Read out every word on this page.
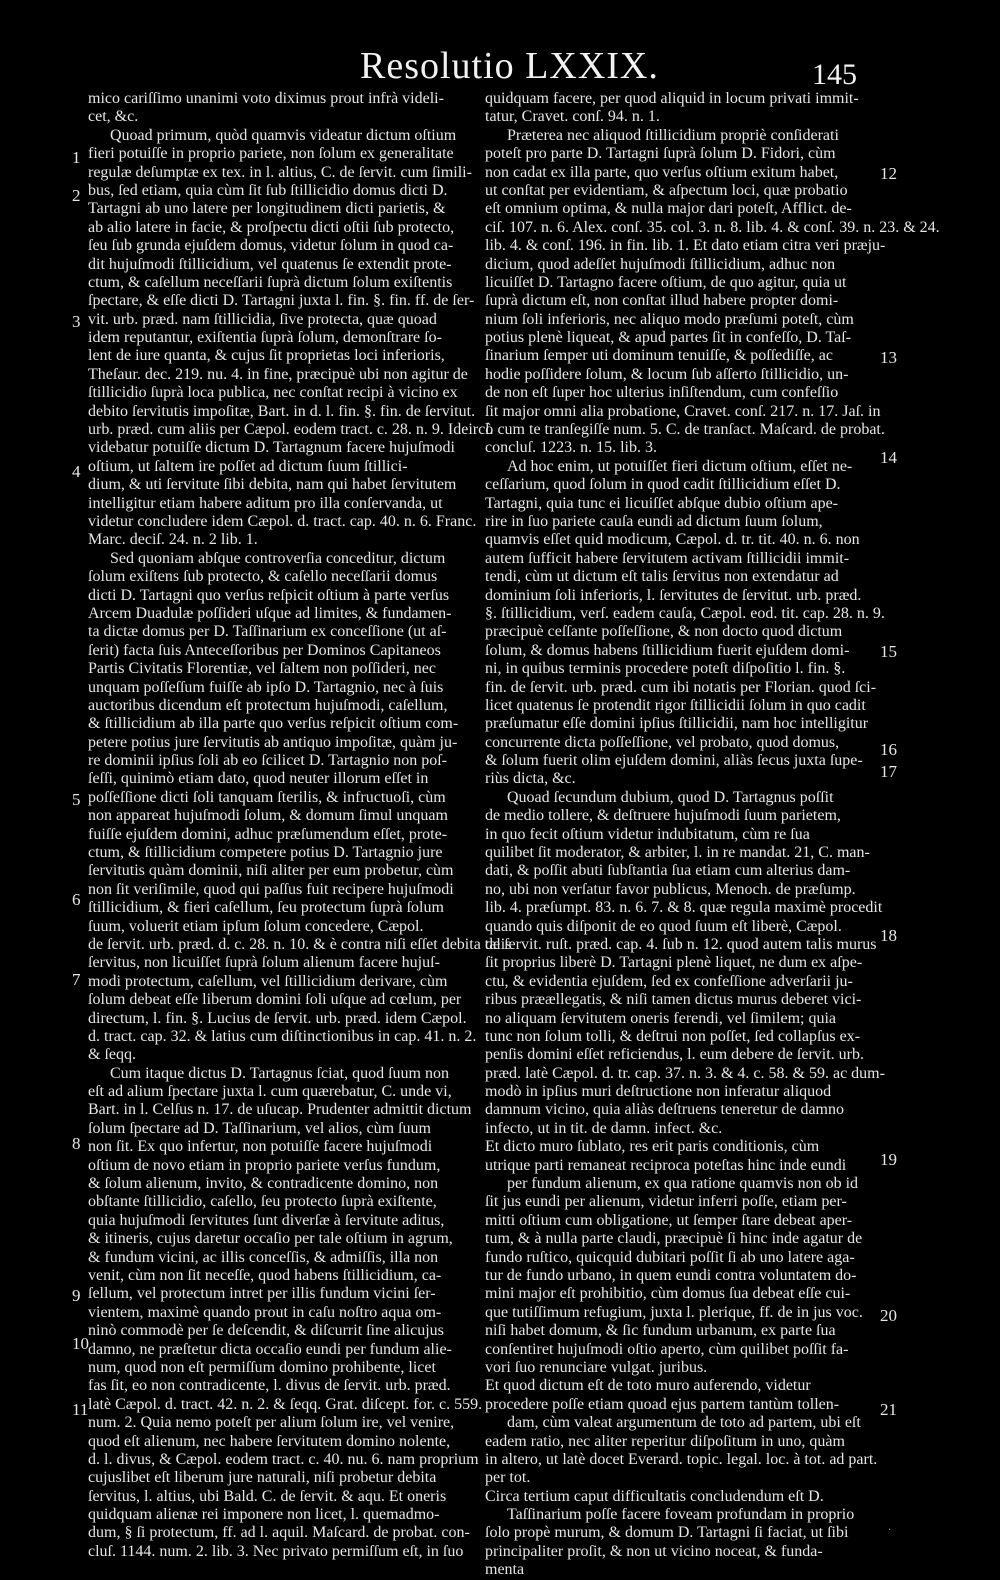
Resolutio LXXIX.	145
mico cariſſimo unanimi voto diximus prout infrà videli-
cet, &c.
Quoad primum, quòd quamvis videatur dictum oſtium
fieri potuiſſe in proprio pariete, non ſolum ex generalitate
regulæ deſumptæ ex tex. in l. altius, C. de ſervit. cum ſimili-
bus, ſed etiam, quia cùm ſit ſub ſtillicidio domus dicti D.
Tartagni ab uno latere per longitudinem dicti parietis, &
ab alio latere in facie, & proſpectu dicti oſtii ſub protecto,
ſeu ſub grunda ejuſdem domus, videtur ſolum in quod ca-
dit hujuſmodi ſtillicidium, vel quatenus ſe extendit prote-
ctum, & caſellum neceſſarii ſuprà dictum ſolum exiſtentis
ſpectare, & eſſe dicti D. Tartagni juxta l. fin. §. fin. ff. de ſer-
vit. urb. præd. nam ſtillicidia, ſive protecta, quæ quoad
idem reputantur, exiſtentia ſuprà ſolum, demonſtrare ſo-
lent de iure quanta, & cujus ſit proprietas loci inferioris,
Theſaur. dec. 219. nu. 4. in fine, præcipuè ubi non agitur de
ſtillicidio ſuprà loca publica, nec conſtat recipi à vicino ex
debito ſervitutis impoſitæ, Bart. in d. l. fin. §. fin. de ſervitut.
urb. præd. cum aliis per Cæpol. eodem tract. c. 28. n. 9. Ideircò
videbatur potuiſſe dictum D. Tartagnum facere hujuſmodi
oſtium, ut ſaltem ire poſſet ad dictum ſuum ſtillici-
dium, & uti ſervitute ſibi debita, nam qui habet ſervitutem
intelligitur etiam habere aditum pro illa conſervanda, ut
videtur concludere idem Cæpol. d. tract. cap. 40. n. 6. Franc.
Marc. deciſ. 24. n. 2 lib. 1.
Sed quoniam abſque controverſia conceditur, dictum
ſolum exiſtens ſub protecto, & caſello neceſſarii domus
dicti D. Tartagni quo verſus reſpicit oſtium à parte verſus
Arcem Duadulæ poſſideri uſque ad limites, & fundamen-
ta dictæ domus per D. Taſſinarium ex conceſſione (ut aſ-
ſerit) facta ſuis Anteceſſoribus per Dominos Capitaneos
Partis Civitatis Florentiæ, vel ſaltem non poſſideri, nec
unquam poſſeſſum fuiſſe ab ipſo D. Tartagnio, nec à ſuis
auctoribus dicendum eſt protectum hujuſmodi, caſellum,
& ſtillicidium ab illa parte quo verſus reſpicit oſtium com-
petere potius jure ſervitutis ab antiquo impoſitæ, quàm ju-
re dominii ipſius ſoli ab eo ſcilicet D. Tartagnio non poſ-
ſeſſi, quinimò etiam dato, quod neuter illorum eſſet in
poſſeſſione dicti ſoli tanquam ſterilis, & infructuoſi, cùm
non appareat hujuſmodi ſolum, & domum ſimul unquam
fuiſſe ejuſdem domini, adhuc præſumendum eſſet, prote-
ctum, & ſtillicidium competere potius D. Tartagnio jure
ſervitutis quàm dominii, niſi aliter per eum probetur, cùm
non ſit veriſimile, quod qui paſſus fuit recipere hujuſmodi
ſtillicidium, & fieri caſellum, ſeu protectum ſuprà ſolum
ſuum, voluerit etiam ipſum ſolum concedere, Cæpol.
de ſervit. urb. præd. d. c. 28. n. 10. & è contra niſi eſſet debita talis
ſervitus, non licuiſſet ſuprà ſolum alienum facere hujuſ-
modi protectum, caſellum, vel ſtillicidium derivare, cùm
ſolum debeat eſſe liberum domini ſoli uſque ad cœlum, per
directum, l. fin. §. Lucius de ſervit. urb. præd. idem Cæpol.
d. tract. cap. 32. & latius cum diſtinctionibus in cap. 41. n. 2.
& ſeqq.
Cum itaque dictus D. Tartagnus ſciat, quod ſuum non
eſt ad alium ſpectare juxta l. cum quærebatur, C. unde vi,
Bart. in l. Celſus n. 17. de uſucap. Prudenter admittit dictum
ſolum ſpectare ad D. Taſſinarium, vel alios, cùm ſuum
non ſit. Ex quo infertur, non potuiſſe facere hujuſmodi
oſtium de novo etiam in proprio pariete verſus fundum,
& ſolum alienum, invito, & contradicente domino, non
obſtante ſtillicidio, caſello, ſeu protecto ſuprà exiſtente,
quia hujuſmodi ſervitutes ſunt diverſæ à ſervitute aditus,
& itineris, cujus daretur occaſio per tale oſtium in agrum,
& fundum vicini, ac illis conceſſis, & admiſſis, illa non
venit, cùm non ſit neceſſe, quod habens ſtillicidium, ca-
ſellum, vel protectum intret per illis fundum vicini ſer-
vientem, maximè quando prout in caſu noſtro aqua om-
ninò commodè per ſe deſcendit, & diſcurrit ſine alicujus
damno, ne præſtetur dicta occaſio eundi per fundum alie-
num, quod non eſt permiſſum domino prohibente, licet
fas ſit, eo non contradicente, l. divus de ſervit. urb. præd.
latè Cæpol. d. tract. 42. n. 2. & ſeqq. Grat. diſcept. for. c. 559.
num. 2. Quia nemo poteſt per alium ſolum ire, vel venire,
quod eſt alienum, nec habere ſervitutem domino nolente,
d. l. divus, & Cæpol. eodem tract. c. 40. nu. 6. nam proprium
cujuslibet eſt liberum jure naturali, niſi probetur debita
ſervitus, l. altius, ubi Bald. C. de ſervit. & aqu. Et oneris
quidquam alienæ rei imponere non licet, l. quemadmo-
dum, § ſi protectum, ff. ad l. aquil. Maſcard. de probat. con-
cluſ. 1144. num. 2. lib. 3. Nec privato permiſſum eſt, in ſuo
quidquam facere, per quod aliquid in locum privati immit-
tatur, Cravet. conſ. 94. n. 1.
Præterea nec aliquod ſtillicidium propriè conſiderati
poteſt pro parte D. Tartagni ſuprà ſolum D. Fidori, cùm
non cadat ex illa parte, quo verſus oſtium exitum habet,
ut conſtat per evidentiam, & aſpectum loci, quæ probatio
eſt omnium optima, & nulla major dari poteſt, Afflict. de-
ciſ. 107. n. 6. Alex. conſ. 35. col. 3. n. 8. lib. 4. & conſ. 39. n. 23. & 24.
lib. 4. & conſ. 196. in fin. lib. 1. Et dato etiam citra veri præju-
dicium, quod adeſſet hujuſmodi ſtillicidium, adhuc non
licuiſſet D. Tartagno facere oſtium, de quo agitur, quia ut
ſuprà dictum eſt, non conſtat illud habere propter domi-
nium ſoli inferioris, nec aliquo modo præſumi poteſt, cùm
potius plenè liqueat, & apud partes ſit in confeſſo, D. Taſ-
ſinarium ſemper uti dominum tenuiſſe, & poſſediſſe, ac
hodie poſſidere ſolum, & locum ſub aſſerto ſtillicidio, un-
de non eſt ſuper hoc ulterius inſiſtendum, cum confeſſio
ſit major omni alia probatione, Cravet. conſ. 217. n. 17. Jaſ. in
l. cum te tranſegiſſe num. 5. C. de tranſact. Maſcard. de probat.
concluſ. 1223. n. 15. lib. 3.
Ad hoc enim, ut potuiſſet fieri dictum oſtium, eſſet ne-
ceſſarium, quod ſolum in quod cadit ſtillicidium eſſet D.
Tartagni, quia tunc ei licuiſſet abſque dubio oſtium ape-
rire in ſuo pariete cauſa eundi ad dictum ſuum ſolum,
quamvis eſſet quid modicum, Cæpol. d. tr. tit. 40. n. 6. non
autem ſufficit habere ſervitutem activam ſtillicidii immit-
tendi, cùm ut dictum eſt talis ſervitus non extendatur ad
dominium ſoli inferioris, l. ſervitutes de ſervitut. urb. præd.
§. ſtillicidium, verſ. eadem cauſa, Cæpol. eod. tit. cap. 28. n. 9.
præcipuè ceſſante poſſeſſione, & non docto quod dictum
ſolum, & domus habens ſtillicidium fuerit ejuſdem domi-
ni, in quibus terminis procedere poteſt diſpoſitio l. fin. §.
fin. de ſervit. urb. præd. cum ibi notatis per Florian. quod ſci-
licet quatenus ſe protendit rigor ſtillicidii ſolum in quo cadit
præſumatur eſſe domini ipſius ſtillicidii, nam hoc intelligitur
concurrente dicta poſſeſſione, vel probato, quod domus,
& ſolum fuerit olim ejuſdem domini, aliàs ſecus juxta ſupe-
riùs dicta, &c.
Quoad ſecundum dubium, quod D. Tartagnus poſſit
de medio tollere, & deſtruere hujuſmodi ſuum parietem,
in quo fecit oſtium videtur indubitatum, cùm re ſua
quilibet ſit moderator, & arbiter, l. in re mandat. 21, C. man-
dati, & poſſit abuti ſubſtantia ſua etiam cum alterius dam-
no, ubi non verſatur favor publicus, Menoch. de præſump.
lib. 4. præſumpt. 83. n. 6. 7. & 8. quæ regula maximè procedit
quando quis diſponit de eo quod ſuum eſt liberè, Cæpol.
de ſervit. ruſt. præd. cap. 4. ſub n. 12. quod autem talis murus
ſit proprius liberè D. Tartagni plenè liquet, ne dum ex aſpe-
ctu, & evidentia ejuſdem, ſed ex confeſſione adverſarii ju-
ribus præællegatis, & niſi tamen dictus murus deberet vici-
no aliquam ſervitutem oneris ferendi, vel ſimilem; quia
tunc non ſolum tolli, & deſtrui non poſſet, ſed collapſus ex-
penſis domini eſſet reficiendus, l. eum debere de ſervit. urb.
præd. latè Cæpol. d. tr. cap. 37. n. 3. & 4. c. 58. & 59. ac dum-
modò in ipſius muri deſtructione non inferatur aliquod
damnum vicino, quia aliàs deſtruens teneretur de damno
infecto, ut in tit. de damn. infect. &c.
Et dicto muro ſublato, res erit paris conditionis, cùm
utrique parti remaneat reciproca poteſtas hinc inde eundi
per fundum alienum, ex qua ratione quamvis non ob id
ſit jus eundi per alienum, videtur inferri poſſe, etiam per-
mitti oſtium cum obligatione, ut ſemper ſtare debeat aper-
tum, & à nulla parte claudi, præcipuè ſi hinc inde agatur de
fundo ruſtico, quicquid dubitari poſſit ſi ab uno latere aga-
tur de fundo urbano, in quem eundi contra voluntatem do-
mini major eſt prohibitio, cùm domus ſua debeat eſſe cui-
que tutiſſimum refugium, juxta l. plerique, ff. de in jus voc.
niſi habet domum, & ſic fundum urbanum, ex parte ſua
conſentiret hujuſmodi oſtio aperto, cùm quilibet poſſit fa-
vori ſuo renunciare vulgat. juribus.
Et quod dictum eſt de toto muro auferendo, videtur
procedere poſſe etiam quoad ejus partem tantùm tollen-
dam, cùm valeat argumentum de toto ad partem, ubi eſt
eadem ratio, nec aliter reperitur diſpoſitum in uno, quàm
in altero, ut latè docet Everard. topic. legal. loc. à tot. ad part.
per tot.
Circa tertium caput difficultatis concludendum eſt D.
Taſſinarium poſſe facere foveam profundam in proprio
ſolo propè murum, & domum D. Tartagni ſi faciat, ut ſibi
principaliter proſit, & non ut vicino noceat, & funda-
menta
1
2
3
4
5
6
7
8
9
10
11
12
13
14
15
16
17
18
19
20
21
.
